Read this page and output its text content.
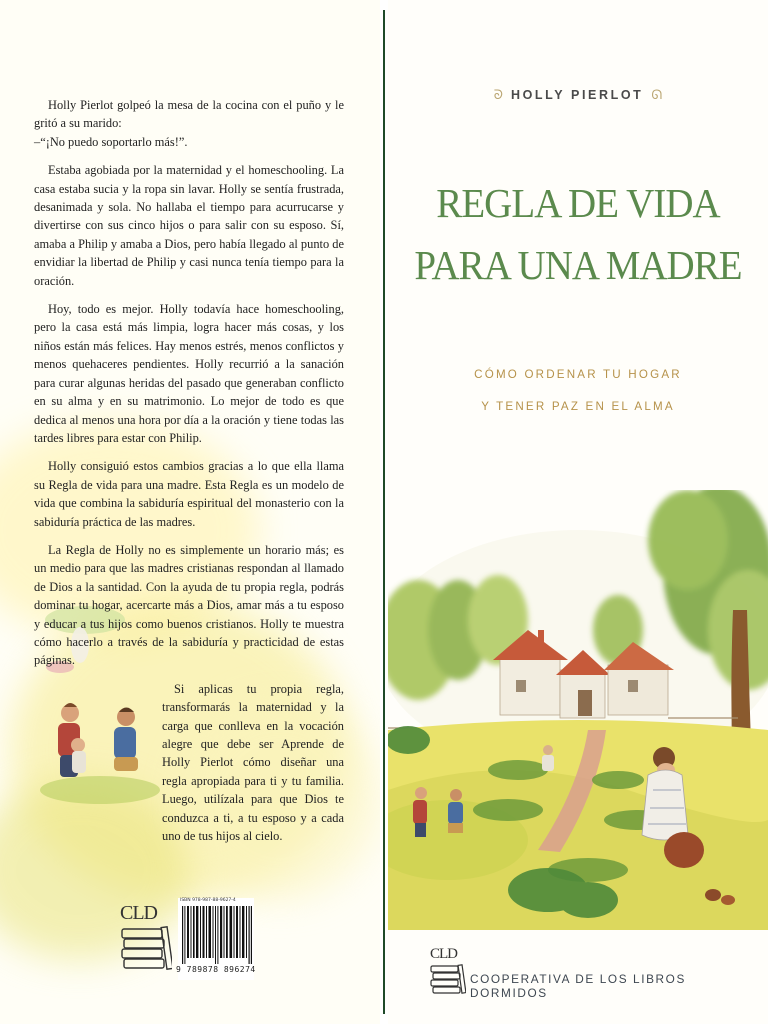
Holly Pierlot golpeó la mesa de la cocina con el puño y le gritó a su marido:

–“¡No puedo soportarlo más!”.

Estaba agobiada por la maternidad y el homeschooling. La casa estaba sucia y la ropa sin lavar. Holly se sentía frustrada, desanimada y sola. No hallaba el tiempo para acurrucarse y divertirse con sus cinco hijos o para salir con su esposo. Sí, amaba a Philip y amaba a Dios, pero había llegado al punto de envidiar la libertad de Philip y casi nunca tenía tiempo para la oración.

Hoy, todo es mejor. Holly todavía hace homeschooling, pero la casa está más limpia, logra hacer más cosas, y los niños están más felices. Hay menos estrés, menos conflictos y menos quehaceres pendientes. Holly recurrió a la sanación para curar algunas heridas del pasado que generaban conflicto en su alma y en su matrimonio. Lo mejor de todo es que dedica al menos una hora por día a la oración y tiene todas las tardes libres para estar con Philip.

Holly consiguió estos cambios gracias a lo que ella llama su Regla de vida para una madre. Esta Regla es un modelo de vida que combina la sabiduría espiritual del monasterio con la sabiduría práctica de las madres.

La Regla de Holly no es simplemente un horario más; es un medio para que las madres cristianas respondan al llamado de Dios a la santidad. Con la ayuda de tu propia regla, podrás dominar tu hogar, acercarte más a Dios, amar más a tu esposo y educar a tus hijos como buenos cristianos. Holly te muestra cómo hacerlo a través de la sabiduría y practicidad de estas páginas.

Si aplicas tu propia regla, transformarás la maternidad y la carga que conlleva en la vocación alegre que debe ser Aprende de Holly Pierlot cómo diseñar una regla apropiada para ti y tu familia. Luego, utilízala para que Dios te conduzca a ti, a tu esposo y a cada uno de tus hijos al cielo.

CLD
ISBN 978-987-88-9627-4
9 789878 896274
ᘐ HOLLY PIERLOT ᘏ
REGLA DE VIDA
PARA UNA MADRE
CÓMO ORDENAR TU HOGAR
Y TENER PAZ EN EL ALMA
CLD
COOPERATIVA DE LOS LIBROS DORMIDOS
